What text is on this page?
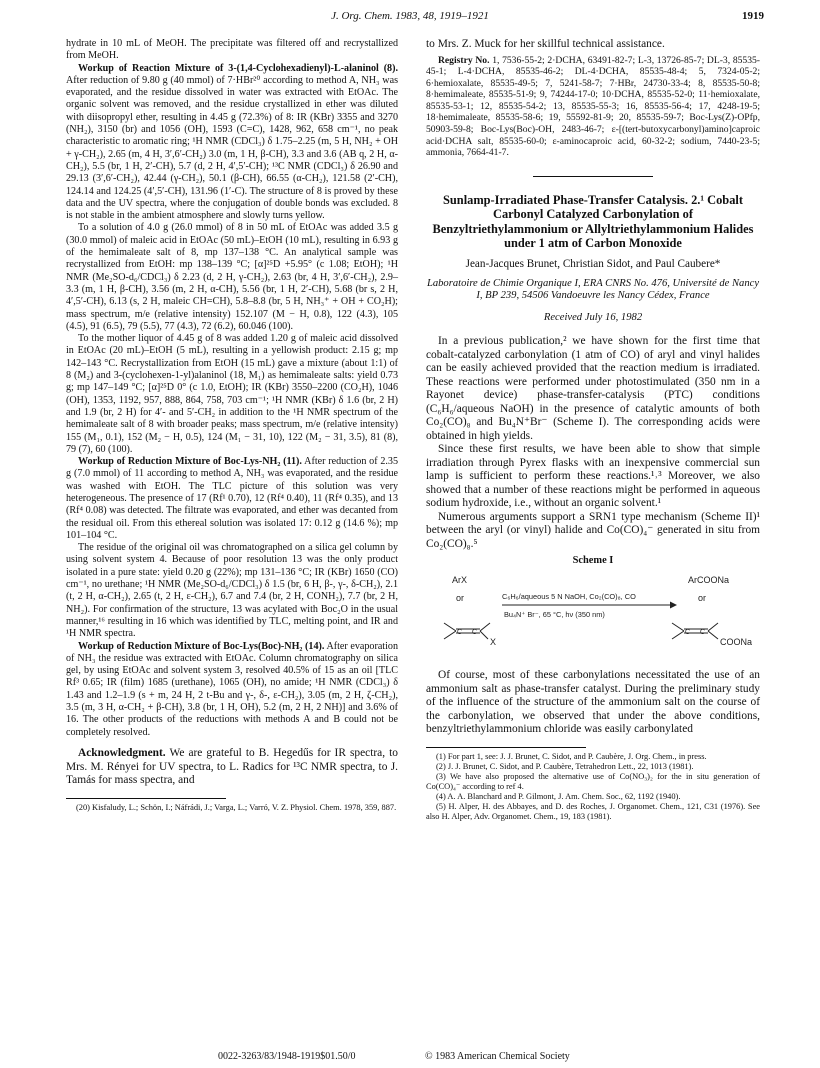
J. Org. Chem. 1983, 48, 1919–1921	1919

hydrate in 10 mL of MeOH. The precipitate was filtered off and recrystallized from MeOH.

Workup of Reaction Mixture of 3-(1,4-Cyclohexadienyl)-L-alaninol (8). After reduction of 9.80 g (40 mmol) of 7·HBr²⁰ according to method A, NH₃ was evaporated, and the residue dissolved in water was extracted with EtOAc. The organic solvent was removed, and the residue crystallized in ether was diluted with diisopropyl ether, resulting in 4.45 g (72.3%) of 8: IR (KBr) 3355 and 3270 (NH₂), 3150 (br) and 1056 (OH), 1593 (C=C), 1428, 962, 658 cm⁻¹, no peak characteristic to aromatic ring; ¹H NMR (CDCl₃) δ 1.75–2.25 (m, 5 H, NH₂ + OH + γ-CH₂), 2.65 (m, 4 H, 3′,6′-CH₂) 3.0 (m, 1 H, β-CH), 3.3 and 3.6 (AB q, 2 H, α-CH₂), 5.5 (br, 1 H, 2′-CH), 5.7 (d, 2 H, 4′,5′-CH); ¹³C NMR (CDCl₃) δ 26.90 and 29.13 (3′,6′-CH₂), 42.44 (γ-CH₂), 50.1 (β-CH), 66.55 (α-CH₂), 121.58 (2′-CH), 124.14 and 124.25 (4′,5′-CH), 131.96 (1′-C). The structure of 8 is proved by these data and the UV spectra, where the conjugation of double bonds was excluded. 8 is not stable in the ambient atmosphere and slowly turns yellow.

To a solution of 4.0 g (26.0 mmol) of 8 in 50 mL of EtOAc was added 3.5 g (30.0 mmol) of maleic acid in EtOAc (50 mL)–EtOH (10 mL), resulting in 6.93 g of the hemimaleate salt of 8, mp 137–138 °C. An analytical sample was recrystallized from EtOH: mp 138–139 °C; [α]²⁵D +5.95° (c 1.08; EtOH); ¹H NMR (Me₂SO-d₆/CDCl₃) δ 2.23 (d, 2 H, γ-CH₂), 2.63 (br, 4 H, 3′,6′-CH₂), 2.9–3.3 (m, 1 H, β-CH), 3.56 (m, 2 H, α-CH), 5.56 (br, 1 H, 2′-CH), 5.68 (br s, 2 H, 4′,5′-CH), 6.13 (s, 2 H, maleic CH=CH), 5.8–8.8 (br, 5 H, NH₃⁺ + OH + CO₂H); mass spectrum, m/e (relative intensity) 152.107 (M − H, 0.8), 122 (4.3), 105 (4.5), 91 (6.5), 79 (5.5), 77 (4.3), 72 (6.2), 60.046 (100).

To the mother liquor of 4.45 g of 8 was added 1.20 g of maleic acid dissolved in EtOAc (20 mL)–EtOH (5 mL), resulting in a yellowish product: 2.15 g; mp 142–143 °C. Recrystallization from EtOH (15 mL) gave a mixture (about 1:1) of 8 (M₂) and 3-(cyclohexen-1-yl)alaninol (18, M₁) as hemimaleate salts: yield 0.73 g; mp 147–149 °C; [α]²⁵D 0° (c 1.0, EtOH); IR (KBr) 3550–2200 (CO₂H), 1046 (OH), 1353, 1192, 957, 888, 864, 758, 703 cm⁻¹; ¹H NMR (KBr) δ 1.6 (br, 2 H) and 1.9 (br, 2 H) for 4′- and 5′-CH₂ in addition to the ¹H NMR spectrum of the hemimaleate salt of 8 with broader peaks; mass spectrum, m/e (relative intensity) 155 (M₁, 0.1), 152 (M₂ − H, 0.5), 124 (M₁ − 31, 10), 122 (M₂ − 31, 3.5), 81 (8), 79 (7), 60 (100).

Workup of Reduction Mixture of Boc-Lys-NH₂ (11). After reduction of 2.35 g (7.0 mmol) of 11 according to method A, NH₃ was evaporated, and the residue was washed with EtOH. The TLC picture of this solution was very heterogeneous. The presence of 17 (Rf¹ 0.70), 12 (Rf⁴ 0.40), 11 (Rf⁴ 0.35), and 13 (Rf⁴ 0.08) was detected. The filtrate was evaporated, and ether was decanted from the residual oil. From this ethereal solution was isolated 17: 0.12 g (14.6 %); mp 101–104 °C.

The residue of the original oil was chromatographed on a silica gel column by using solvent system 4. Because of poor resolution 13 was the only product isolated in a pure state: yield 0.20 g (22%); mp 131–136 °C; IR (KBr) 1650 (CO) cm⁻¹, no urethane; ¹H NMR (Me₂SO-d₆/CDCl₃) δ 1.5 (br, 6 H, β-, γ-, δ-CH₂), 2.1 (t, 2 H, α-CH₂), 2.65 (t, 2 H, ε-CH₂), 6.7 and 7.4 (br, 2 H, CONH₂), 7.7 (br, 2 H, NH₂). For confirmation of the structure, 13 was acylated with Boc₂O in the usual manner,¹⁶ resulting in 16 which was identified by TLC, melting point, and IR and ¹H NMR spectra.

Workup of Reduction Mixture of Boc-Lys(Boc)-NH₂ (14). After evaporation of NH₃ the residue was extracted with EtOAc. Column chromatography on silica gel, by using EtOAc and solvent system 3, resolved 40.5% of 15 as an oil [TLC Rf³ 0.65; IR (film) 1685 (urethane), 1065 (OH), no amide; ¹H NMR (CDCl₃) δ 1.43 and 1.2–1.9 (s + m, 24 H, 2 t-Bu and γ-, δ-, ε-CH₂), 3.05 (m, 2 H, ζ-CH₂), 3.5 (m, 3 H, α-CH₂ + β-CH), 3.8 (br, 1 H, OH), 5.2 (m, 2 H, 2 NH)] and 3.6% of 16. The other products of the reductions with methods A and B could not be completely resolved.

Acknowledgment. We are grateful to B. Hegedűs for IR spectra, to Mrs. M. Rényei for UV spectra, to L. Radics for ¹³C NMR spectra, to J. Tamás for mass spectra, and

(20) Kisfaludy, L.; Schön, I.; Náfrádi, J.; Varga, L.; Varró, V. Z. Physiol. Chem. 1978, 359, 887.

to Mrs. Z. Muck for her skillful technical assistance.

Registry No. 1, 7536-55-2; 2·DCHA, 63491-82-7; L-3, 13726-85-7; DL-3, 85535-45-1; L-4·DCHA, 85535-46-2; DL-4·DCHA, 85535-48-4; 5, 7324-05-2; 6·hemioxalate, 85535-49-5; 7, 5241-58-7; 7·HBr, 24730-33-4; 8, 85535-50-8; 8·hemimaleate, 85535-51-9; 9, 74244-17-0; 10·DCHA, 85535-52-0; 11·hemioxalate, 85535-53-1; 12, 85535-54-2; 13, 85535-55-3; 16, 85535-56-4; 17, 4248-19-5; 18·hemimaleate, 85535-58-6; 19, 55592-81-9; 20, 85535-59-7; Boc-Lys(Z)-OPfp, 50903-59-8; Boc-Lys(Boc)-OH, 2483-46-7; ε-[(tert-butoxycarbonyl)amino]caproic acid·DCHA salt, 85535-60-0; ε-aminocaproic acid, 60-32-2; sodium, 7440-23-5; ammonia, 7664-41-7.

Sunlamp-Irradiated Phase-Transfer Catalysis. 2.¹ Cobalt Carbonyl Catalyzed Carbonylation of Benzyltriethylammonium or Allyltriethylammonium Halides under 1 atm of Carbon Monoxide
Jean-Jacques Brunet, Christian Sidot, and Paul Caubere*
Laboratoire de Chimie Organique I, ERA CNRS No. 476, Université de Nancy I, BP 239, 54506 Vandoeuvre les Nancy Cédex, France
Received July 16, 1982

In a previous publication,² we have shown for the first time that cobalt-catalyzed carbonylation (1 atm of CO) of aryl and vinyl halides can be easily achieved provided that the reaction medium is irradiated. These reactions were performed under photostimulated (350 nm in a Rayonet device) phase-transfer-catalysis (PTC) conditions (C₆H₆/aqueous NaOH) in the presence of catalytic amounts of both Co₂(CO)₈ and Bu₄N⁺Br⁻ (Scheme I). The corresponding acids were obtained in high yields.

Since these first results, we have been able to show that simple irradiation through Pyrex flasks with an inexpensive commercial sun lamp is sufficient to perform these reactions.¹˒³ Moreover, we also showed that a number of these reactions might be performed in aqueous sodium hydroxide, i.e., without an organic solvent.¹

Numerous arguments support a SRN1 type mechanism (Scheme II)¹ between the aryl (or vinyl) halide and Co(CO)₄⁻ generated in situ from Co₂(CO)₈.⁵

Scheme I
ArX
or	C₆H₆/aqueous 5 N NaOH, Co₂(CO)₈, CO
Bu₄N⁺ Br⁻, 65 °C, hν (350 nm)
ArCOONa
or
X	COONa
C C	C C

Of course, most of these carbonylations necessitated the use of an ammonium salt as phase-transfer catalyst. During the preliminary study of the influence of the structure of the ammonium salt on the course of the carbonylation, we observed that under the above conditions, benzyltriethylammonium chloride was easily carbonylated

(1) For part 1, see: J. J. Brunet, C. Sidot, and P. Caubère, J. Org. Chem., in press.

(2) J. J. Brunet, C. Sidot, and P. Caubère, Tetrahedron Lett., 22, 1013 (1981).

(3) We have also proposed the alternative use of Co(NO₃)₂ for the in situ generation of Co(CO)₄⁻ according to ref 4.

(4) A. A. Blanchard and P. Gilmont, J. Am. Chem. Soc., 62, 1192 (1940).

(5) H. Alper, H. des Abbayes, and D. des Roches, J. Organomet. Chem., 121, C31 (1976). See also H. Alper, Adv. Organomet. Chem., 19, 183 (1981).

0022-3263/83/1948-1919$01.50/0	© 1983 American Chemical Society
